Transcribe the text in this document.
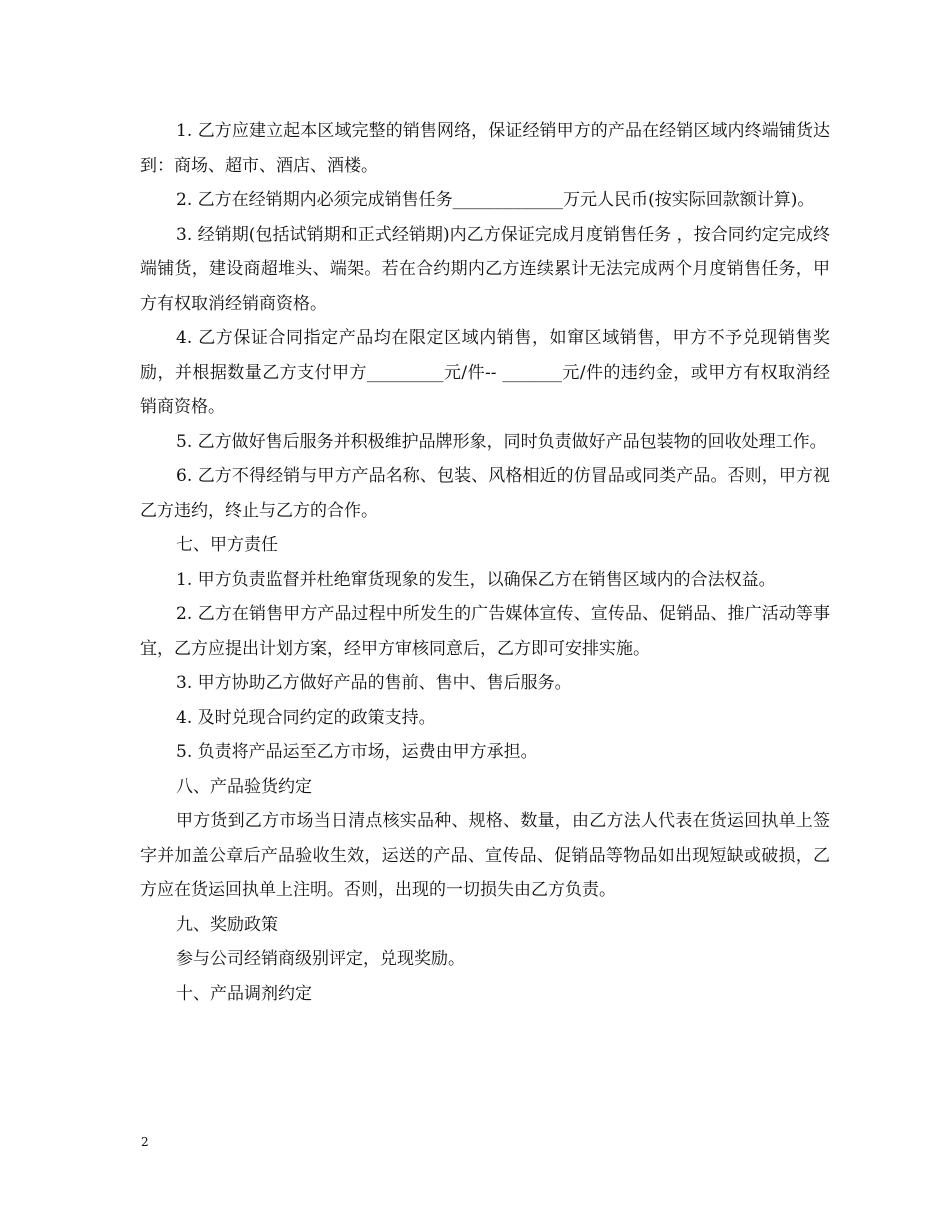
1. 乙方应建立起本区域完整的销售网络，保证经销甲方的产品在经销区域内终端铺货达到：商场、超市、酒店、酒楼。

2. 乙方在经销期内必须完成销售任务_____________万元人民币(按实际回款额计算)。

3. 经销期(包括试销期和正式经销期)内乙方保证完成月度销售任务 ，按合同约定完成终端铺货，建设商超堆头、端架。若在合约期内乙方连续累计无法完成两个月度销售任务，甲方有权取消经销商资格。

4. 乙方保证合同指定产品均在限定区域内销售，如窜区域销售，甲方不予兑现销售奖励，并根据数量乙方支付甲方_________元/件-- _______元/件的违约金，或甲方有权取消经销商资格。

5. 乙方做好售后服务并积极维护品牌形象，同时负责做好产品包装物的回收处理工作。

6. 乙方不得经销与甲方产品名称、包装、风格相近的仿冒品或同类产品。否则，甲方视乙方违约，终止与乙方的合作。

七、甲方责任

1. 甲方负责监督并杜绝窜货现象的发生，以确保乙方在销售区域内的合法权益。

2. 乙方在销售甲方产品过程中所发生的广告媒体宣传、宣传品、促销品、推广活动等事宜，乙方应提出计划方案，经甲方审核同意后，乙方即可安排实施。

3. 甲方协助乙方做好产品的售前、售中、售后服务。

4. 及时兑现合同约定的政策支持。

5. 负责将产品运至乙方市场，运费由甲方承担。

八、产品验货约定

甲方货到乙方市场当日清点核实品种、规格、数量，由乙方法人代表在货运回执单上签字并加盖公章后产品验收生效，运送的产品、宣传品、促销品等物品如出现短缺或破损，乙方应在货运回执单上注明。否则，出现的一切损失由乙方负责。

九、奖励政策

参与公司经销商级别评定，兑现奖励。

十、产品调剂约定

2
